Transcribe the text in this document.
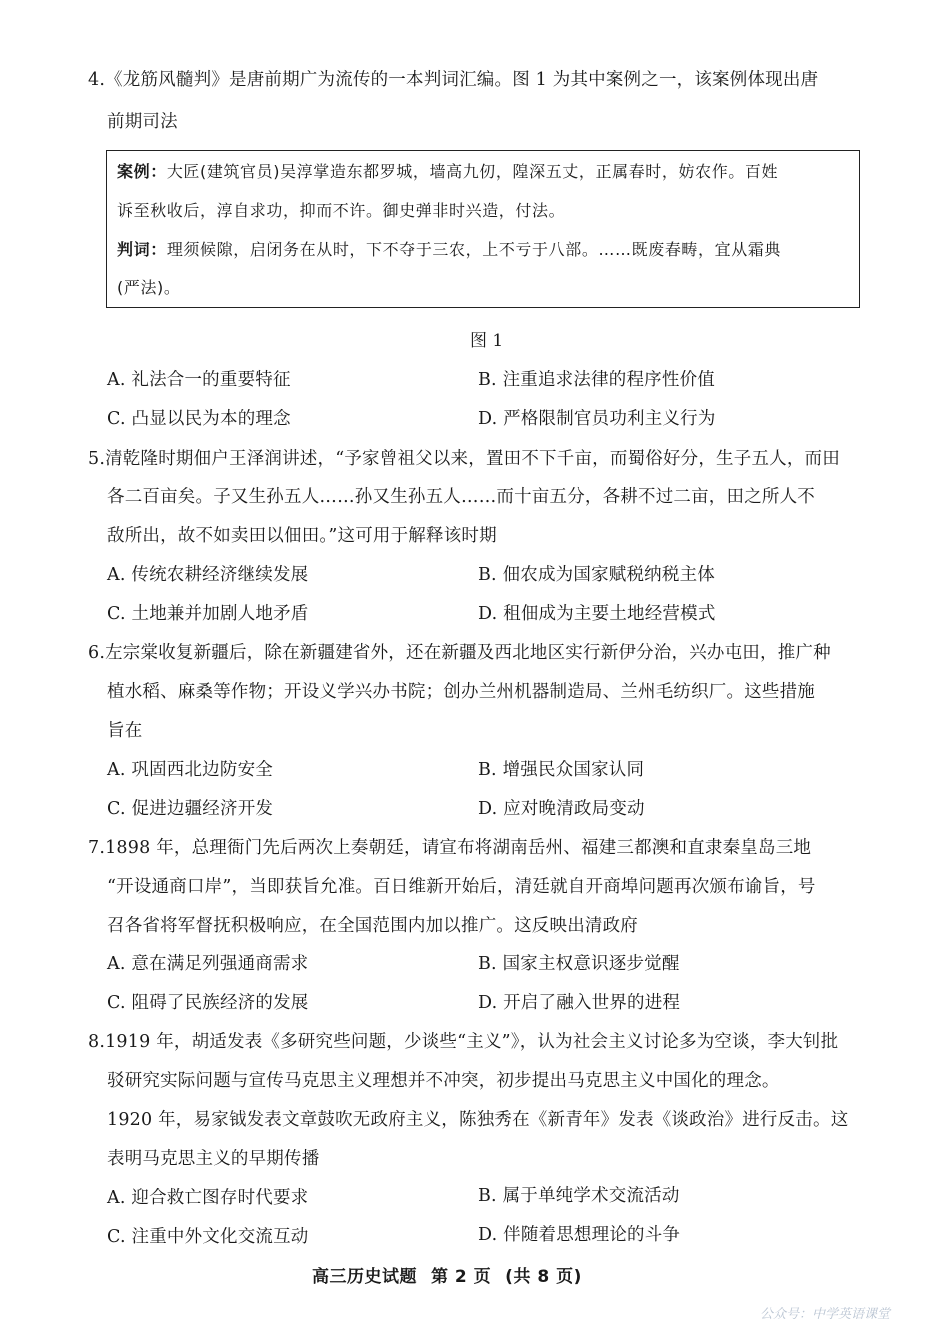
4.《龙筋风髓判》是唐前期广为流传的一本判词汇编。图 1 为其中案例之一，该案例体现出唐
前期司法
案例：大匠(建筑官员)吴淳掌造东都罗城，墙高九仞，隍深五丈，正属春时，妨农作。百姓
诉至秋收后，淳自求功，抑而不许。御史弹非时兴造，付法。
判词：理须候隙，启闭务在从时，下不夺于三农，上不亏于八部。……既废春畴，宜从霜典
(严法)。
图 1
A. 礼法合一的重要特征	B. 注重追求法律的程序性价值
C. 凸显以民为本的理念	D. 严格限制官员功利主义行为
5.清乾隆时期佃户王泽润讲述，“予家曾祖父以来，置田不下千亩，而蜀俗好分，生子五人，而田
各二百亩矣。子又生孙五人……孙又生孙五人……而十亩五分，各耕不过二亩，田之所人不
敌所出，故不如卖田以佃田。”这可用于解释该时期
A. 传统农耕经济继续发展	B. 佃农成为国家赋税纳税主体
C. 土地兼并加剧人地矛盾	D. 租佃成为主要土地经营模式
6.左宗棠收复新疆后，除在新疆建省外，还在新疆及西北地区实行新伊分治，兴办屯田，推广种
植水稻、麻桑等作物；开设义学兴办书院；创办兰州机器制造局、兰州毛纺织厂。这些措施
旨在
A. 巩固西北边防安全	B. 增强民众国家认同
C. 促进边疆经济开发	D. 应对晚清政局变动
7.1898 年，总理衙门先后两次上奏朝廷，请宣布将湖南岳州、福建三都澳和直隶秦皇岛三地
“开设通商口岸”，当即获旨允准。百日维新开始后，清廷就自开商埠问题再次颁布谕旨，号
召各省将军督抚积极响应，在全国范围内加以推广。这反映出清政府
A. 意在满足列强通商需求	B. 国家主权意识逐步觉醒
C. 阻碍了民族经济的发展	D. 开启了融入世界的进程
8.1919 年，胡适发表《多研究些问题，少谈些“主义”》，认为社会主义讨论多为空谈，李大钊批
驳研究实际问题与宣传马克思主义理想并不冲突，初步提出马克思主义中国化的理念。
1920 年，易家钺发表文章鼓吹无政府主义，陈独秀在《新青年》发表《谈政治》进行反击。这
表明马克思主义的早期传播
A. 迎合救亡图存时代要求	B. 属于单纯学术交流活动
C. 注重中外文化交流互动	D. 伴随着思想理论的斗争
高三历史试题 第 2 页 (共 8 页)
公众号：中学英语课堂
